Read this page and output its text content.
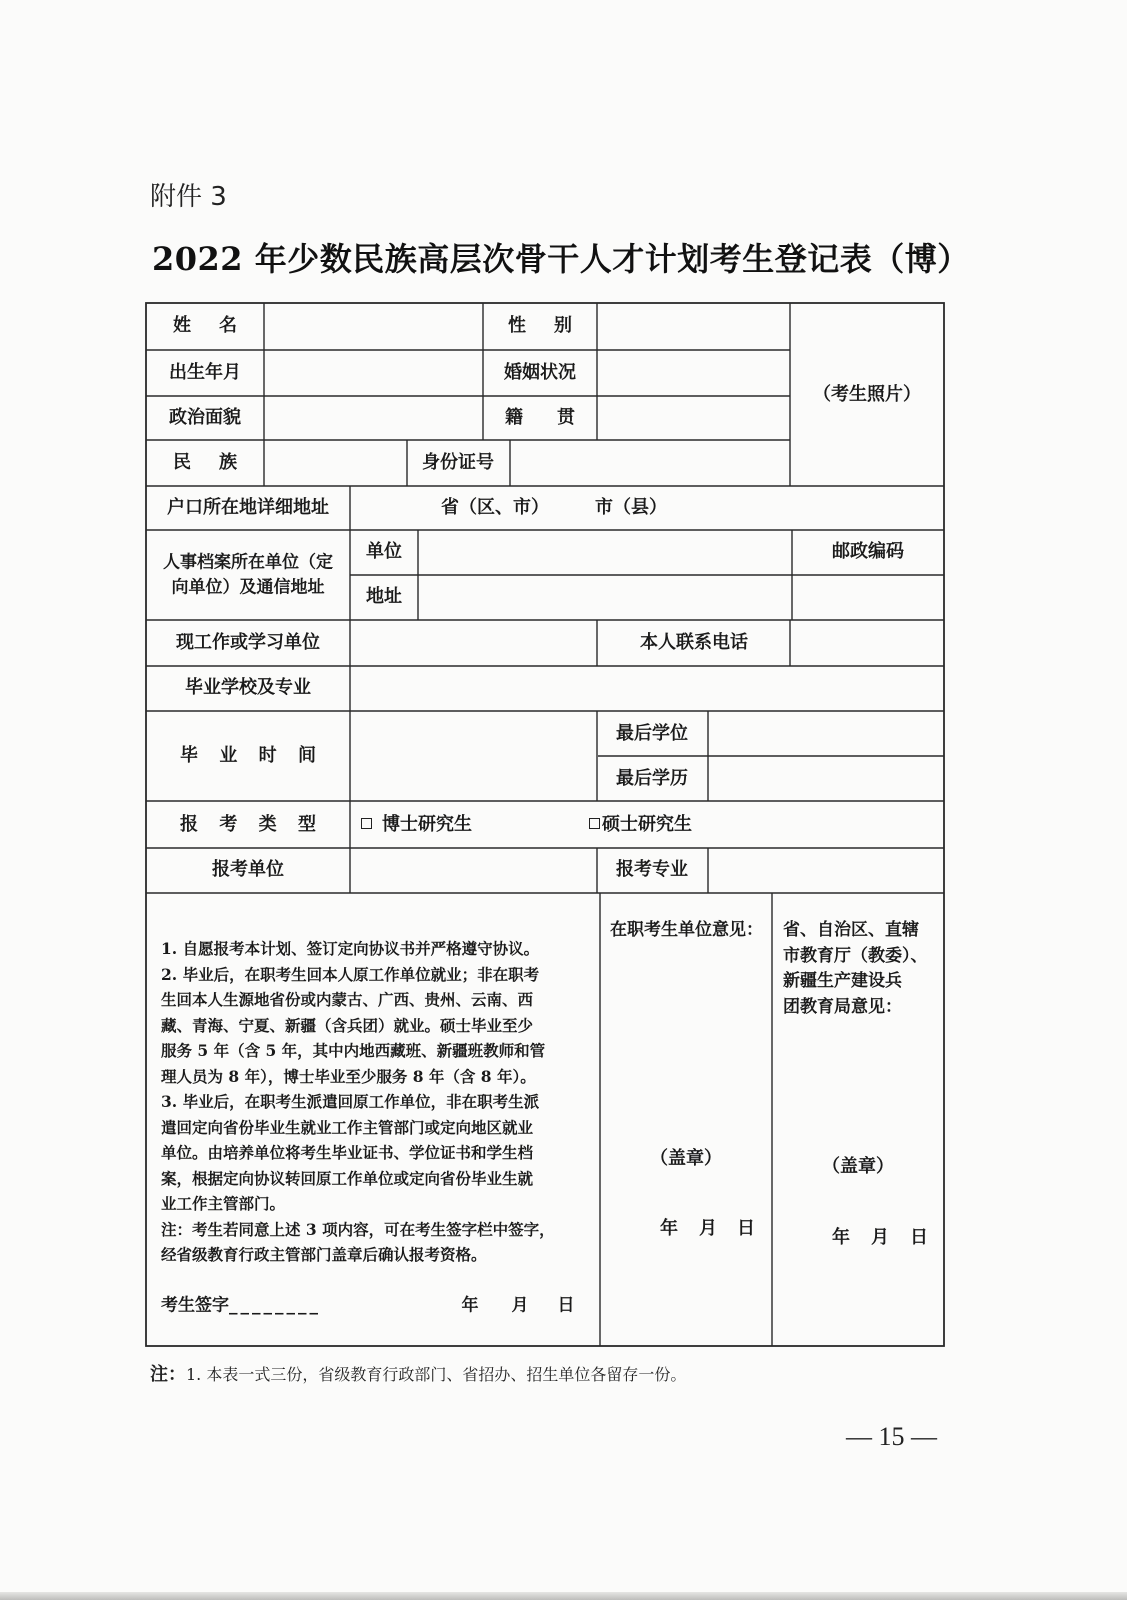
附件 3
2022 年少数民族高层次骨干人才计划考生登记表（博）
姓 名	性 别
出生年月	婚姻状况
政治面貌	籍 贯
民 族	身份证号
（考生照片）
户口所在地详细地址	省（区、市）	市（县）
人事档案所在单位（定
向单位）及通信地址
单位
地址
邮政编码
现工作或学习单位	本人联系电话
毕业学校及专业
毕 业 时 间
最后学位
最后学历
报 考 类 型	博士研究生	硕士研究生
报考单位	报考专业

1. 自愿报考本计划、签订定向协议书并严格遵守协议。

2. 毕业后，在职考生回本人原工作单位就业；非在职考

生回本人生源地省份或内蒙古、广西、贵州、云南、西

藏、青海、宁夏、新疆（含兵团）就业。硕士毕业至少

服务 5 年（含 5 年，其中内地西藏班、新疆班教师和管

理人员为 8 年），博士毕业至少服务 8 年（含 8 年）。

3. 毕业后，在职考生派遣回原工作单位，非在职考生派

遣回定向省份毕业生就业工作主管部门或定向地区就业

单位。由培养单位将考生毕业证书、学位证书和学生档

案，根据定向协议转回原工作单位或定向省份毕业生就

业工作主管部门。

注：考生若同意上述 3 项内容，可在考生签字栏中签字，

经省级教育行政主管部门盖章后确认报考资格。

考生签字________	年 月 日
在职考生单位意见：
（盖章）
年 月 日
省、自治区、直辖
市教育厅（教委）、
新疆生产建设兵
团教育局意见：
（盖章）
年 月 日
注：1. 本表一式三份，省级教育行政部门、省招办、招生单位各留存一份。
— 15 —
